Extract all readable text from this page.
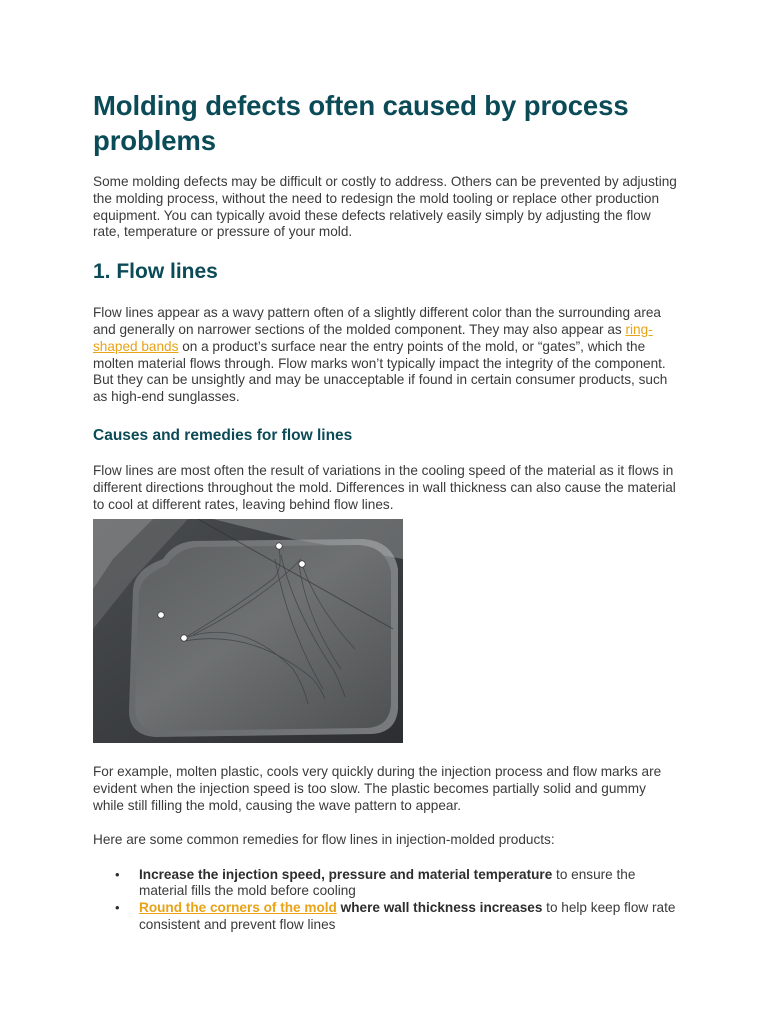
Molding defects often caused by process problems

Some molding defects may be difficult or costly to address. Others can be prevented by adjusting the molding process, without the need to redesign the mold tooling or replace other production equipment. You can typically avoid these defects relatively easily simply by adjusting the flow rate, temperature or pressure of your mold.

1. Flow lines

Flow lines appear as a wavy pattern often of a slightly different color than the surrounding area and generally on narrower sections of the molded component. They may also appear as ring-shaped bands on a product’s surface near the entry points of the mold, or “gates”, which the molten material flows through. Flow marks won’t typically impact the integrity of the component. But they can be unsightly and may be unacceptable if found in certain consumer products, such as high-end sunglasses.

Causes and remedies for flow lines

Flow lines are most often the result of variations in the cooling speed of the material as it flows in different directions throughout the mold. Differences in wall thickness can also cause the material to cool at different rates, leaving behind flow lines.

For example, molten plastic, cools very quickly during the injection process and flow marks are evident when the injection speed is too slow. The plastic becomes partially solid and gummy while still filling the mold, causing the wave pattern to appear.

Here are some common remedies for flow lines in injection-molded products:

• Increase the injection speed, pressure and material temperature to ensure the material fills the mold before cooling
• Round the corners of the mold where wall thickness increases to help keep flow rate consistent and prevent flow lines
